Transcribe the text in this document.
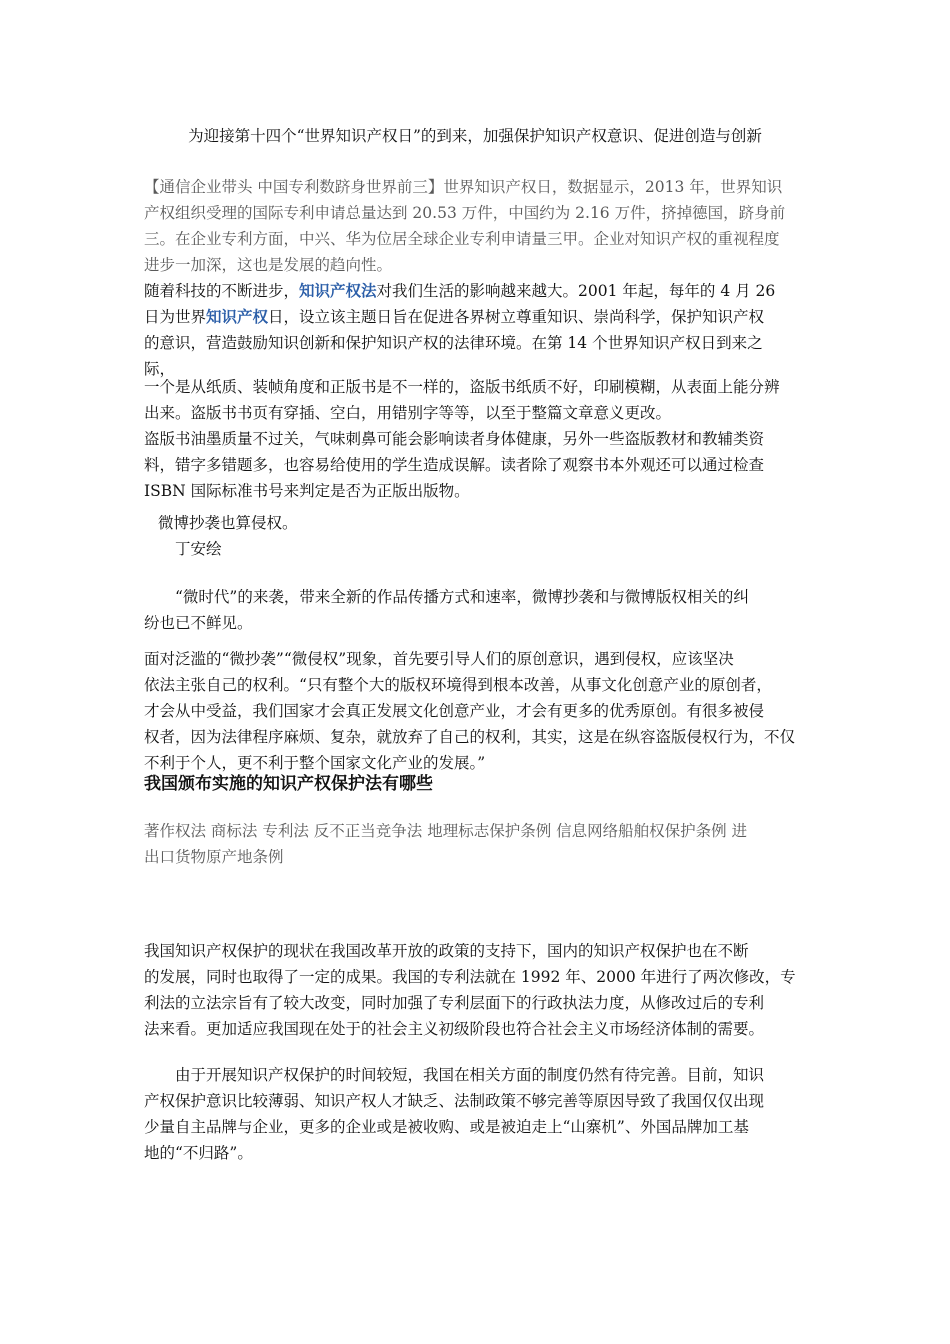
为迎接第十四个“世界知识产权日”的到来，加强保护知识产权意识、促进创造与创新
【通信企业带头 中国专利数跻身世界前三】世界知识产权日，数据显示，2013 年，世界知识
产权组织受理的国际专利申请总量达到 20.53 万件，中国约为 2.16 万件，挤掉德国，跻身前
三。在企业专利方面，中兴、华为位居全球企业专利申请量三甲。企业对知识产权的重视程度
进步一加深，这也是发展的趋向性。
随着科技的不断进步，知识产权法对我们生活的影响越来越大。2001 年起，每年的 4 月 26
日为世界知识产权日，设立该主题日旨在促进各界树立尊重知识、崇尚科学，保护知识产权
的意识，营造鼓励知识创新和保护知识产权的法律环境。在第 14 个世界知识产权日到来之
际，
一个是从纸质、装帧角度和正版书是不一样的，盗版书纸质不好，印刷模糊，从表面上能分辨
出来。盗版书书页有穿插、空白，用错别字等等，以至于整篇文章意义更改。
盗版书油墨质量不过关，气味刺鼻可能会影响读者身体健康，另外一些盗版教材和教辅类资
料，错字多错题多，也容易给使用的学生造成误解。读者除了观察书本外观还可以通过检查
ISBN 国际标准书号来判定是否为正版出版物。
微博抄袭也算侵权。
丁安绘
“微时代”的来袭，带来全新的作品传播方式和速率，微博抄袭和与微博版权相关的纠
纷也已不鲜见。
面对泛滥的“微抄袭”“微侵权”现象，首先要引导人们的原创意识，遇到侵权，应该坚决
依法主张自己的权利。“只有整个大的版权环境得到根本改善，从事文化创意产业的原创者，
才会从中受益，我们国家才会真正发展文化创意产业，才会有更多的优秀原创。有很多被侵
权者，因为法律程序麻烦、复杂，就放弃了自己的权利，其实，这是在纵容盗版侵权行为，不仅
不利于个人，更不利于整个国家文化产业的发展。”
我国颁布实施的知识产权保护法有哪些
著作权法 商标法 专利法 反不正当竞争法 地理标志保护条例 信息网络船舶权保护条例 进
出口货物原产地条例
我国知识产权保护的现状在我国改革开放的政策的支持下，国内的知识产权保护也在不断
的发展，同时也取得了一定的成果。我国的专利法就在 1992 年、2000 年进行了两次修改，专
利法的立法宗旨有了较大改变，同时加强了专利层面下的行政执法力度，从修改过后的专利
法来看。更加适应我国现在处于的社会主义初级阶段也符合社会主义市场经济体制的需要。
由于开展知识产权保护的时间较短，我国在相关方面的制度仍然有待完善。目前，知识
产权保护意识比较薄弱、知识产权人才缺乏、法制政策不够完善等原因导致了我国仅仅出现
少量自主品牌与企业，更多的企业或是被收购、或是被迫走上“山寨机”、外国品牌加工基
地的“不归路”。
